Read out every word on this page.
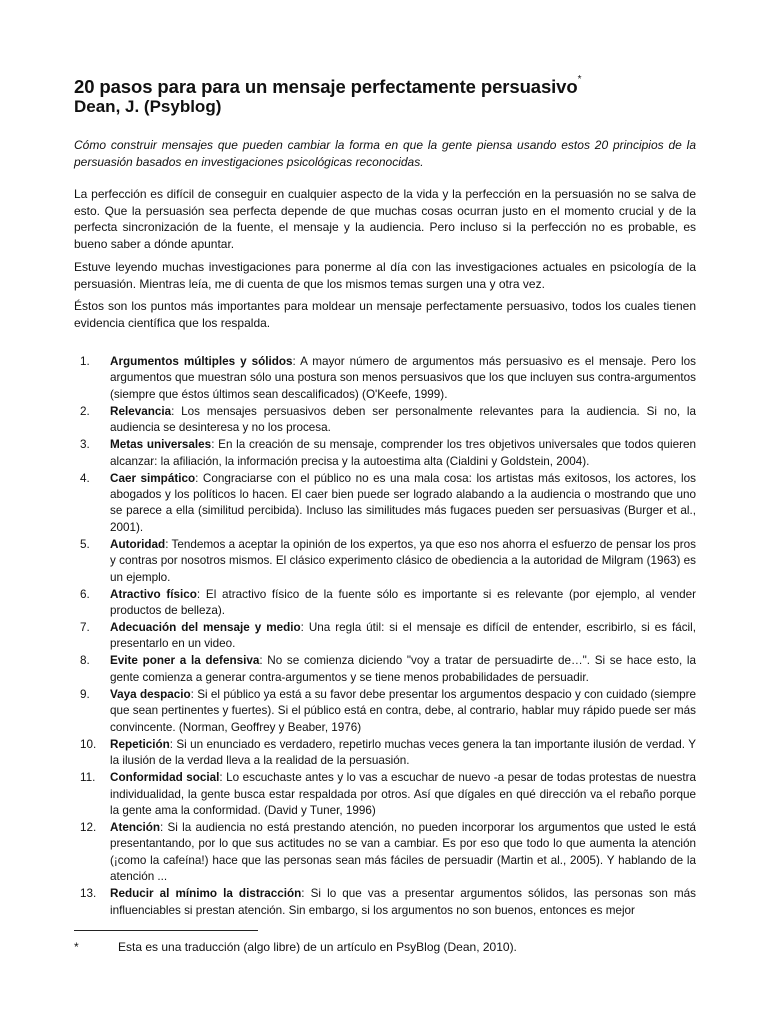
20 pasos para para un mensaje perfectamente persuasivo*
Dean, J. (Psyblog)
Cómo construir mensajes que pueden cambiar la forma en que la gente piensa usando estos 20 principios de la persuasión basados en investigaciones psicológicas reconocidas.

La perfección es difícil de conseguir en cualquier aspecto de la vida y la perfección en la persuasión no se salva de esto. Que la persuasión sea perfecta depende de que muchas cosas ocurran justo en el momento crucial y de la perfecta sincronización de la fuente, el mensaje y la audiencia. Pero incluso si la perfección no es probable, es bueno saber a dónde apuntar.

Estuve leyendo muchas investigaciones para ponerme al día con las investigaciones actuales en psicología de la persuasión. Mientras leía, me di cuenta de que los mismos temas surgen una y otra vez.

Éstos son los puntos más importantes para moldear un mensaje perfectamente persuasivo, todos los cuales tienen evidencia científica que los respalda.

1.	Argumentos múltiples y sólidos: A mayor número de argumentos más persuasivo es el mensaje. Pero los argumentos que muestran sólo una postura son menos persuasivos que los que incluyen sus contra-argumentos (siempre que éstos últimos sean descalificados) (O'Keefe, 1999).
2.	Relevancia: Los mensajes persuasivos deben ser personalmente relevantes para la audiencia. Si no, la audiencia se desinteresa y no los procesa.
3.	Metas universales: En la creación de su mensaje, comprender los tres objetivos universales que todos quieren alcanzar: la afiliación, la información precisa y la autoestima alta (Cialdini y Goldstein, 2004).
4.	Caer simpático: Congraciarse con el público no es una mala cosa: los artistas más exitosos, los actores, los abogados y los políticos lo hacen. El caer bien puede ser logrado alabando a la audiencia o mostrando que uno se parece a ella (similitud percibida). Incluso las similitudes más fugaces pueden ser persuasivas (Burger et al., 2001).
5.	Autoridad: Tendemos a aceptar la opinión de los expertos, ya que eso nos ahorra el esfuerzo de pensar los pros y contras por nosotros mismos. El clásico experimento clásico de obediencia a la autoridad de Milgram (1963) es un ejemplo.
6.	Atractivo físico: El atractivo físico de la fuente sólo es importante si es relevante (por ejemplo, al vender productos de belleza).
7.	Adecuación del mensaje y medio: Una regla útil: si el mensaje es difícil de entender, escribirlo, si es fácil, presentarlo en un video.
8.	Evite poner a la defensiva: No se comienza diciendo "voy a tratar de persuadirte de…". Si se hace esto, la gente comienza a generar contra-argumentos y se tiene menos probabilidades de persuadir.
9.	Vaya despacio: Si el público ya está a su favor debe presentar los argumentos despacio y con cuidado (siempre que sean pertinentes y fuertes). Si el público está en contra, debe, al contrario, hablar muy rápido puede ser más convincente. (Norman, Geoffrey y Beaber, 1976)
10.	Repetición: Si un enunciado es verdadero, repetirlo muchas veces genera la tan importante ilusión de verdad. Y la ilusión de la verdad lleva a la realidad de la persuasión.
11.	Conformidad social: Lo escuchaste antes y lo vas a escuchar de nuevo -a pesar de todas protestas de nuestra individualidad, la gente busca estar respaldada por otros. Así que dígales en qué dirección va el rebaño porque la gente ama la conformidad. (David y Tuner, 1996)
12.	Atención: Si la audiencia no está prestando atención, no pueden incorporar los argumentos que usted le está presentantando, por lo que sus actitudes no se van a cambiar. Es por eso que todo lo que aumenta la atención (¡como la cafeína!) hace que las personas sean más fáciles de persuadir (Martin et al., 2005). Y hablando de la atención ...
13.	Reducir al mínimo la distracción: Si lo que vas a presentar argumentos sólidos, las personas son más influenciables si prestan atención. Sin embargo, si los argumentos no son buenos, entonces es mejor
*	Esta es una traducción (algo libre) de un artículo en PsyBlog (Dean, 2010).
